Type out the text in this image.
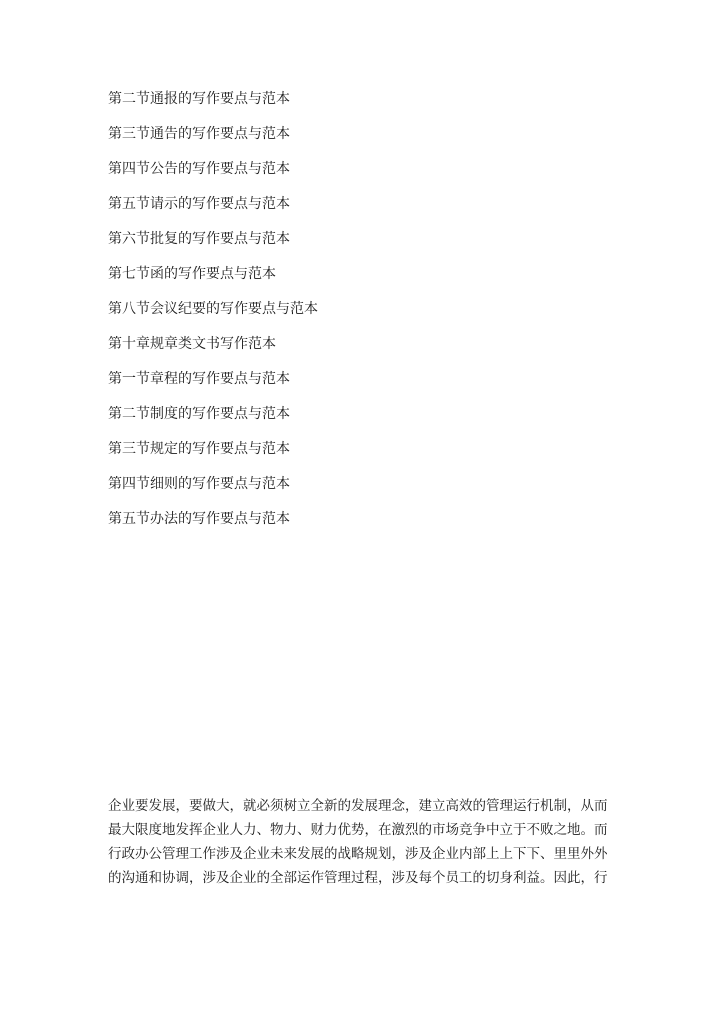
第二节通报的写作要点与范本
第三节通告的写作要点与范本
第四节公告的写作要点与范本
第五节请示的写作要点与范本
第六节批复的写作要点与范本
第七节函的写作要点与范本
第八节会议纪要的写作要点与范本
第十章规章类文书写作范本
第一节章程的写作要点与范本
第二节制度的写作要点与范本
第三节规定的写作要点与范本
第四节细则的写作要点与范本
第五节办法的写作要点与范本

企业要发展，要做大，就必须树立全新的发展理念，建立高效的管理运行机制，从而
最大限度地发挥企业人力、物力、财力优势，在激烈的市场竞争中立于不败之地。而
行政办公管理工作涉及企业未来发展的战略规划，涉及企业内部上上下下、里里外外
的沟通和协调，涉及企业的全部运作管理过程，涉及每个员工的切身利益。因此，行
